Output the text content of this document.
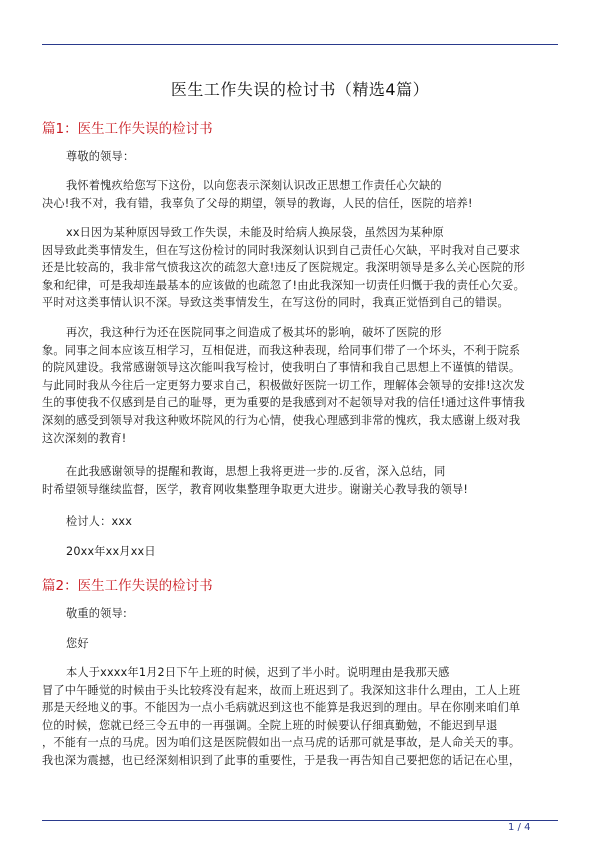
医生工作失误的检讨书（精选4篇）
篇1：医生工作失误的检讨书
尊敬的领导：
我怀着愧疚给您写下这份，以向您表示深刻认识改正思想工作责任心欠缺的
决心!我不对，我有错，我辜负了父母的期望，领导的教诲，人民的信任，医院的培养!
xx日因为某种原因导致工作失误，未能及时给病人换尿袋，虽然因为某种原
因导致此类事情发生，但在写这份检讨的同时我深刻认识到自己责任心欠缺，平时我对自己要求
还是比较高的，我非常气愤我这次的疏忽大意!违反了医院规定。我深明领导是多么关心医院的形
象和纪律，可是我却连最基本的应该做的也疏忽了!由此我深知一切责任归慨于我的责任心欠妥。
平时对这类事情认识不深。导致这类事情发生，在写这份的同时，我真正觉悟到自己的错误。
再次，我这种行为还在医院同事之间造成了极其坏的影响，破坏了医院的形
象。同事之间本应该互相学习，互相促进，而我这种表现，给同事们带了一个坏头，不利于院系
的院风建设。我常感谢领导这次能叫我写检讨，使我明白了事情和我自己思想上不谨慎的错误。
与此同时我从今往后一定更努力要求自己，积极做好医院一切工作，理解体会领导的安排!这次发
生的事使我不仅感到是自己的耻辱，更为重要的是我感到对不起领导对我的信任!通过这件事情我
深刻的感受到领导对我这种败坏院风的行为心情，使我心理感到非常的愧疚，我太感谢上级对我
这次深刻的教育!
在此我感谢领导的提醒和教诲，思想上我将更进一步的.反省，深入总结，同
时希望领导继续监督，医学，教育网收集整理争取更大进步。谢谢关心教导我的领导!
检讨人：xxx
20xx年xx月xx日
篇2：医生工作失误的检讨书
敬重的领导:
您好
本人于xxxx年1月2日下午上班的时候，迟到了半小时。说明理由是我那天感
冒了中午睡觉的时候由于头比较疼没有起来，故而上班迟到了。我深知这非什么理由，工人上班
那是天经地义的事。不能因为一点小毛病就迟到这也不能算是我迟到的理由。早在你刚来咱们单
位的时候，您就已经三令五申的一再强调。全院上班的时候要认仔细真勤勉，不能迟到早退
，不能有一点的马虎。因为咱们这是医院假如出一点马虎的话那可就是事故，是人命关天的事。
我也深为震撼，也已经深刻相识到了此事的重要性，于是我一再告知自己要把您的话记在心里，
1 / 4
